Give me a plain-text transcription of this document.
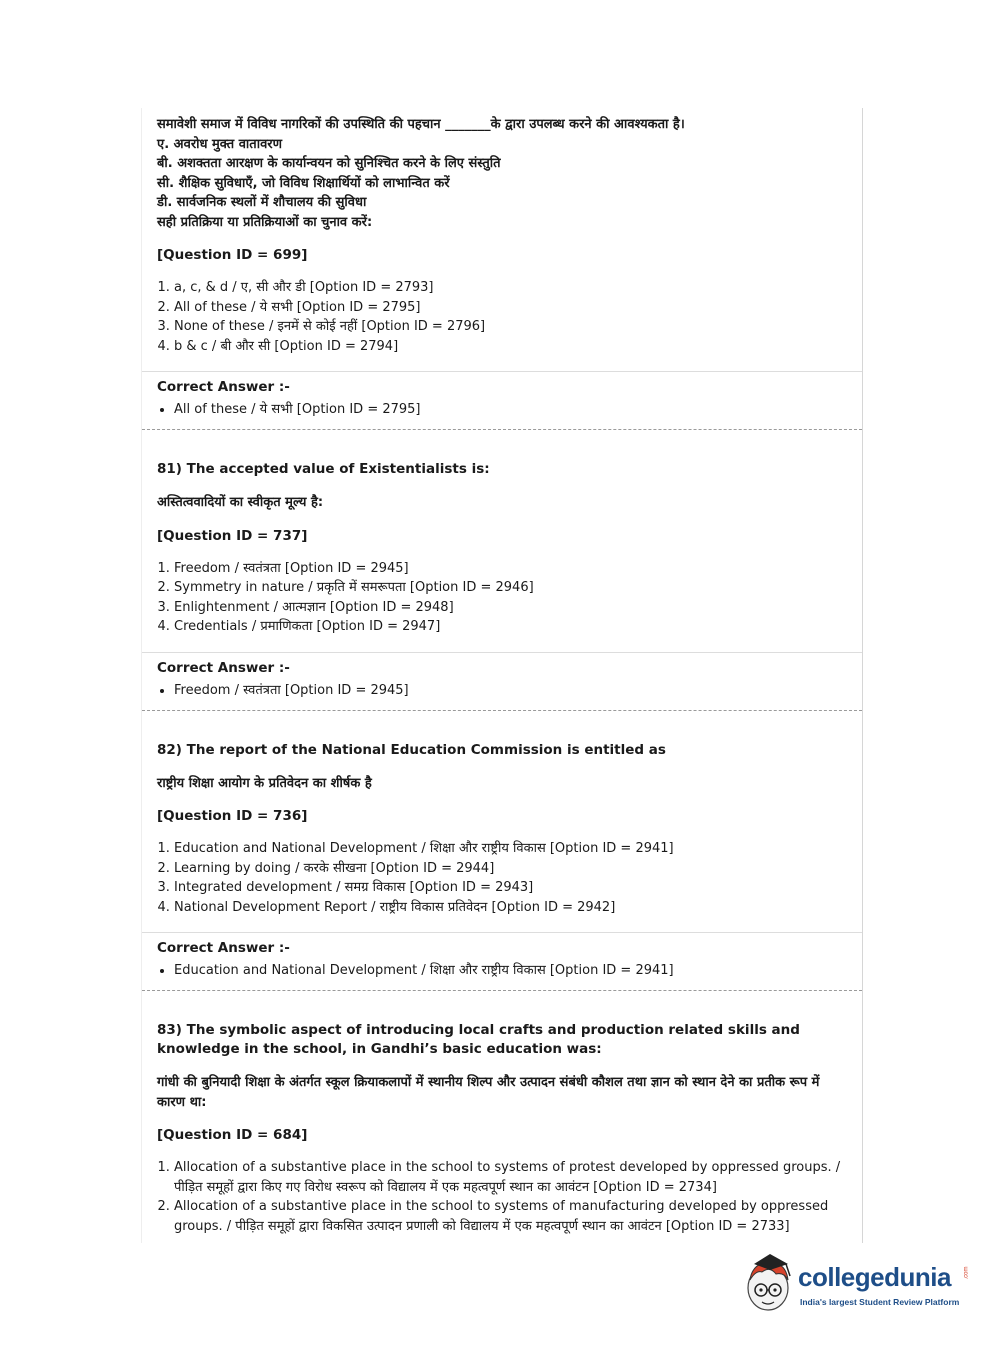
समावेशी समाज में विविध नागरिकों की उपस्थिति की पहचान _______के द्वारा उपलब्ध करने की आवश्यकता है।

ए. अवरोध मुक्त वातावरण

बी. अशक्तता आरक्षण के कार्यान्वयन को सुनिश्चित करने के लिए संस्तुति

सी. शैक्षिक सुविधाएँ, जो विविध शिक्षार्थियों को लाभान्वित करें

डी. सार्वजनिक स्थलों में शौचालय की सुविधा

सही प्रतिक्रिया या प्रतिक्रियाओं का चुनाव करें:

[Question ID = 699]

1. a, c, & d / ए, सी और डी [Option ID = 2793]
2. All of these / ये सभी [Option ID = 2795]
3. None of these / इनमें से कोई नहीं [Option ID = 2796]
4. b & c / बी और सी [Option ID = 2794]

Correct Answer :-

• All of these / ये सभी [Option ID = 2795]

81) The accepted value of Existentialists is:

अस्तित्ववादियों का स्वीकृत मूल्य है:

[Question ID = 737]

1. Freedom / स्वतंत्रता [Option ID = 2945]
2. Symmetry in nature / प्रकृति में समरूपता [Option ID = 2946]
3. Enlightenment / आत्मज्ञान [Option ID = 2948]
4. Credentials / प्रमाणिकता [Option ID = 2947]

Correct Answer :-

• Freedom / स्वतंत्रता [Option ID = 2945]

82) The report of the National Education Commission is entitled as

राष्ट्रीय शिक्षा आयोग के प्रतिवेदन का शीर्षक है

[Question ID = 736]

1. Education and National Development / शिक्षा और राष्ट्रीय विकास [Option ID = 2941]
2. Learning by doing / करके सीखना [Option ID = 2944]
3. Integrated development / समग्र विकास [Option ID = 2943]
4. National Development Report / राष्ट्रीय विकास प्रतिवेदन [Option ID = 2942]

Correct Answer :-

• Education and National Development / शिक्षा और राष्ट्रीय विकास [Option ID = 2941]

83) The symbolic aspect of introducing local crafts and production related skills and knowledge in the school, in Gandhi’s basic education was:

गांधी की बुनियादी शिक्षा के अंतर्गत स्कूल क्रियाकलापों में स्थानीय शिल्प और उत्पादन संबंधी कौशल तथा ज्ञान को स्थान देने का प्रतीक रूप में कारण था:

[Question ID = 684]

1. Allocation of a substantive place in the school to systems of protest developed by oppressed groups. / पीड़ित समूहों द्वारा किए गए विरोध स्वरूप को विद्यालय में एक महत्वपूर्ण स्थान का आवंटन [Option ID = 2734]
2. Allocation of a substantive place in the school to systems of manufacturing developed by oppressed groups. / पीड़ित समूहों द्वारा विकसित उत्पादन प्रणाली को विद्यालय में एक महत्वपूर्ण स्थान का आवंटन [Option ID = 2733]
collegedunia .com
India's largest Student Review Platform
